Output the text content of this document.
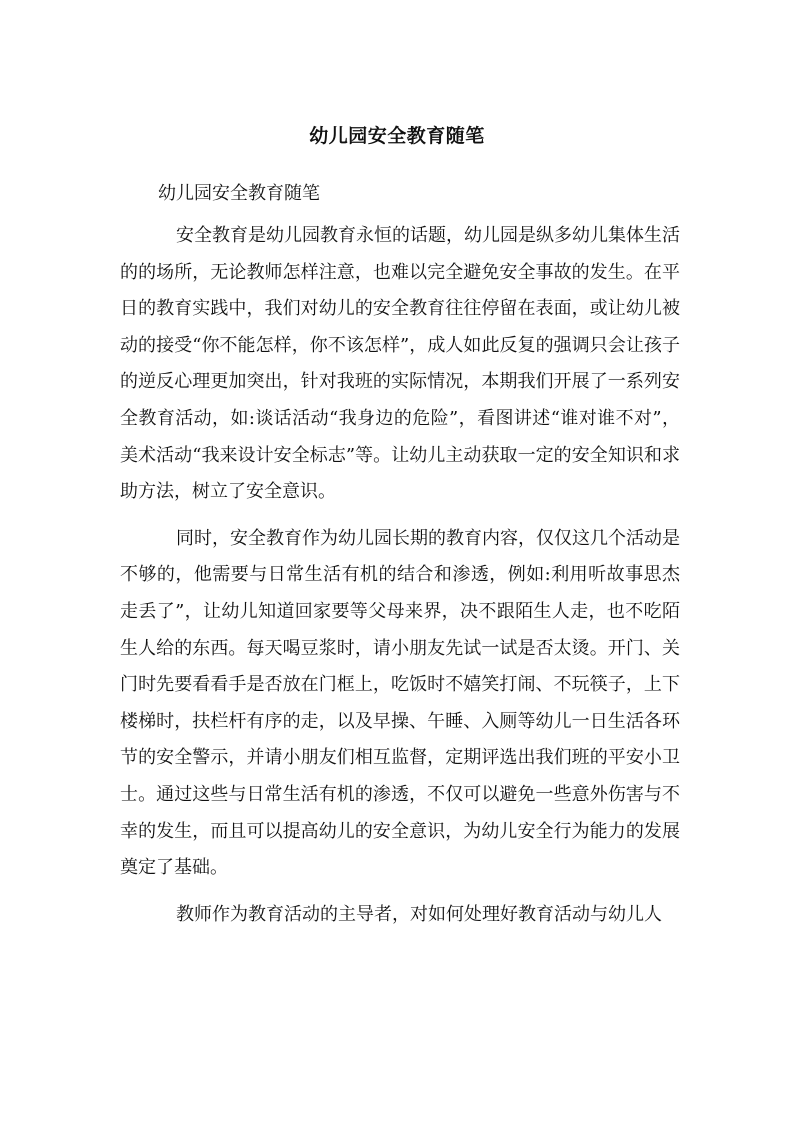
幼儿园安全教育随笔
幼儿园安全教育随笔

安全教育是幼儿园教育永恒的话题，幼儿园是纵多幼儿集体生活的的场所，无论教师怎样注意，也难以完全避免安全事故的发生。在平日的教育实践中，我们对幼儿的安全教育往往停留在表面，或让幼儿被动的接受“你不能怎样，你不该怎样”，成人如此反复的强调只会让孩子的逆反心理更加突出，针对我班的实际情况，本期我们开展了一系列安全教育活动，如:谈话活动“我身边的危险”，看图讲述“谁对谁不对”，美术活动“我来设计安全标志”等。让幼儿主动获取一定的安全知识和求助方法，树立了安全意识。

同时，安全教育作为幼儿园长期的教育内容，仅仅这几个活动是不够的，他需要与日常生活有机的结合和渗透，例如:利用听故事思杰走丢了”，让幼儿知道回家要等父母来界，决不跟陌生人走，也不吃陌生人给的东西。每天喝豆浆时，请小朋友先试一试是否太烫。开门、关门时先要看看手是否放在门框上，吃饭时不嬉笑打闹、不玩筷子，上下楼梯时，扶栏杆有序的走，以及早操、午睡、入厕等幼儿一日生活各环节的安全警示，并请小朋友们相互监督，定期评选出我们班的平安小卫士。通过这些与日常生活有机的渗透，不仅可以避免一些意外伤害与不幸的发生，而且可以提高幼儿的安全意识，为幼儿安全行为能力的发展奠定了基础。

教师作为教育活动的主导者，对如何处理好教育活动与幼儿人
